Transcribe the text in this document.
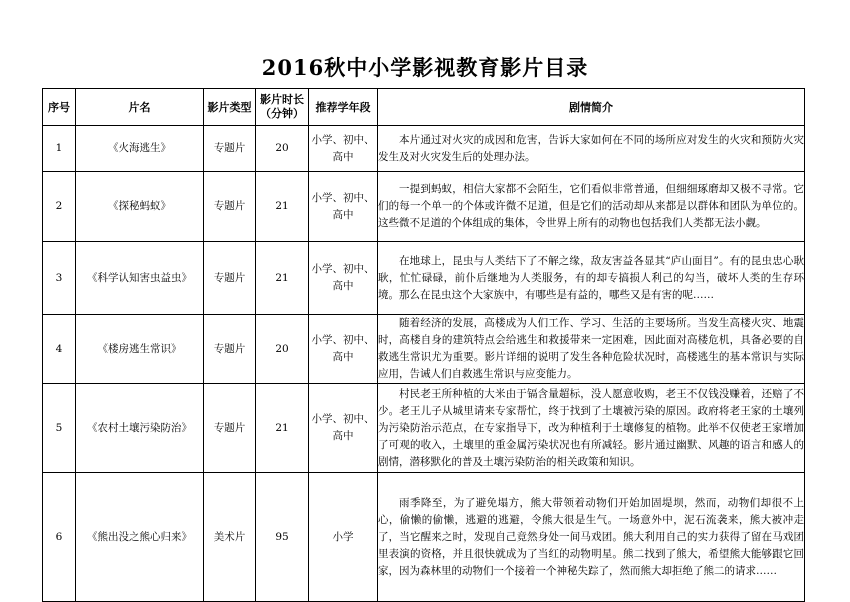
2016秋中小学影视教育影片目录
序号	片名	影片类型	影片时长（分钟）	推荐学年段	剧情简介
1	《火海逃生》	专题片	20	小学、初中、高中	本片通过对火灾的成因和危害，告诉大家如何在不同的场所应对发生的火灾和预防火灾发生及对火灾发生后的处理办法。
2	《探秘蚂蚁》	专题片	21	小学、初中、高中	一提到蚂蚁，相信大家都不会陌生，它们看似非常普通，但细细琢磨却又极不寻常。它们的每一个单一的个体或许微不足道，但是它们的活动却从来都是以群体和团队为单位的。这些微不足道的个体组成的集体，令世界上所有的动物也包括我们人类都无法小觑。
3	《科学认知害虫益虫》	专题片	21	小学、初中、高中	在地球上，昆虫与人类结下了不解之缘，敌友害益各显其“庐山面目”。有的昆虫忠心耿耿，忙忙碌碌，前仆后继地为人类服务，有的却专搞损人利己的勾当，破坏人类的生存环境。那么在昆虫这个大家族中，有哪些是有益的，哪些又是有害的呢……
4	《楼房逃生常识》	专题片	20	小学、初中、高中	随着经济的发展，高楼成为人们工作、学习、生活的主要场所。当发生高楼火灾、地震时，高楼自身的建筑特点会给逃生和救援带来一定困难，因此面对高楼危机，具备必要的自救逃生常识尤为重要。影片详细的说明了发生各种危险状况时，高楼逃生的基本常识与实际应用，告诫人们自救逃生常识与应变能力。
5	《农村土壤污染防治》	专题片	21	小学、初中、高中	村民老王所种植的大米由于镉含量超标，没人愿意收购，老王不仅钱没赚着，还赔了不少。老王儿子从城里请来专家帮忙，终于找到了土壤被污染的原因。政府将老王家的土壤列为污染防治示范点，在专家指导下，改为种植利于土壤修复的植物。此举不仅使老王家增加了可观的收入，土壤里的重金属污染状况也有所减轻。影片通过幽默、风趣的语言和感人的剧情，潜移默化的普及土壤污染防治的相关政策和知识。
6	《熊出没之熊心归来》	美术片	95	小学	雨季降至，为了避免塌方，熊大带领着动物们开始加固堤坝，然而，动物们却很不上心，偷懒的偷懒，逃避的逃避，令熊大很是生气。一场意外中，泥石流袭来，熊大被冲走了，当它醒来之时，发现自己竟然身处一间马戏团。熊大利用自己的实力获得了留在马戏团里表演的资格，并且很快就成为了当红的动物明星。熊二找到了熊大，希望熊大能够跟它回家，因为森林里的动物们一个接着一个神秘失踪了，然而熊大却拒绝了熊二的请求……
